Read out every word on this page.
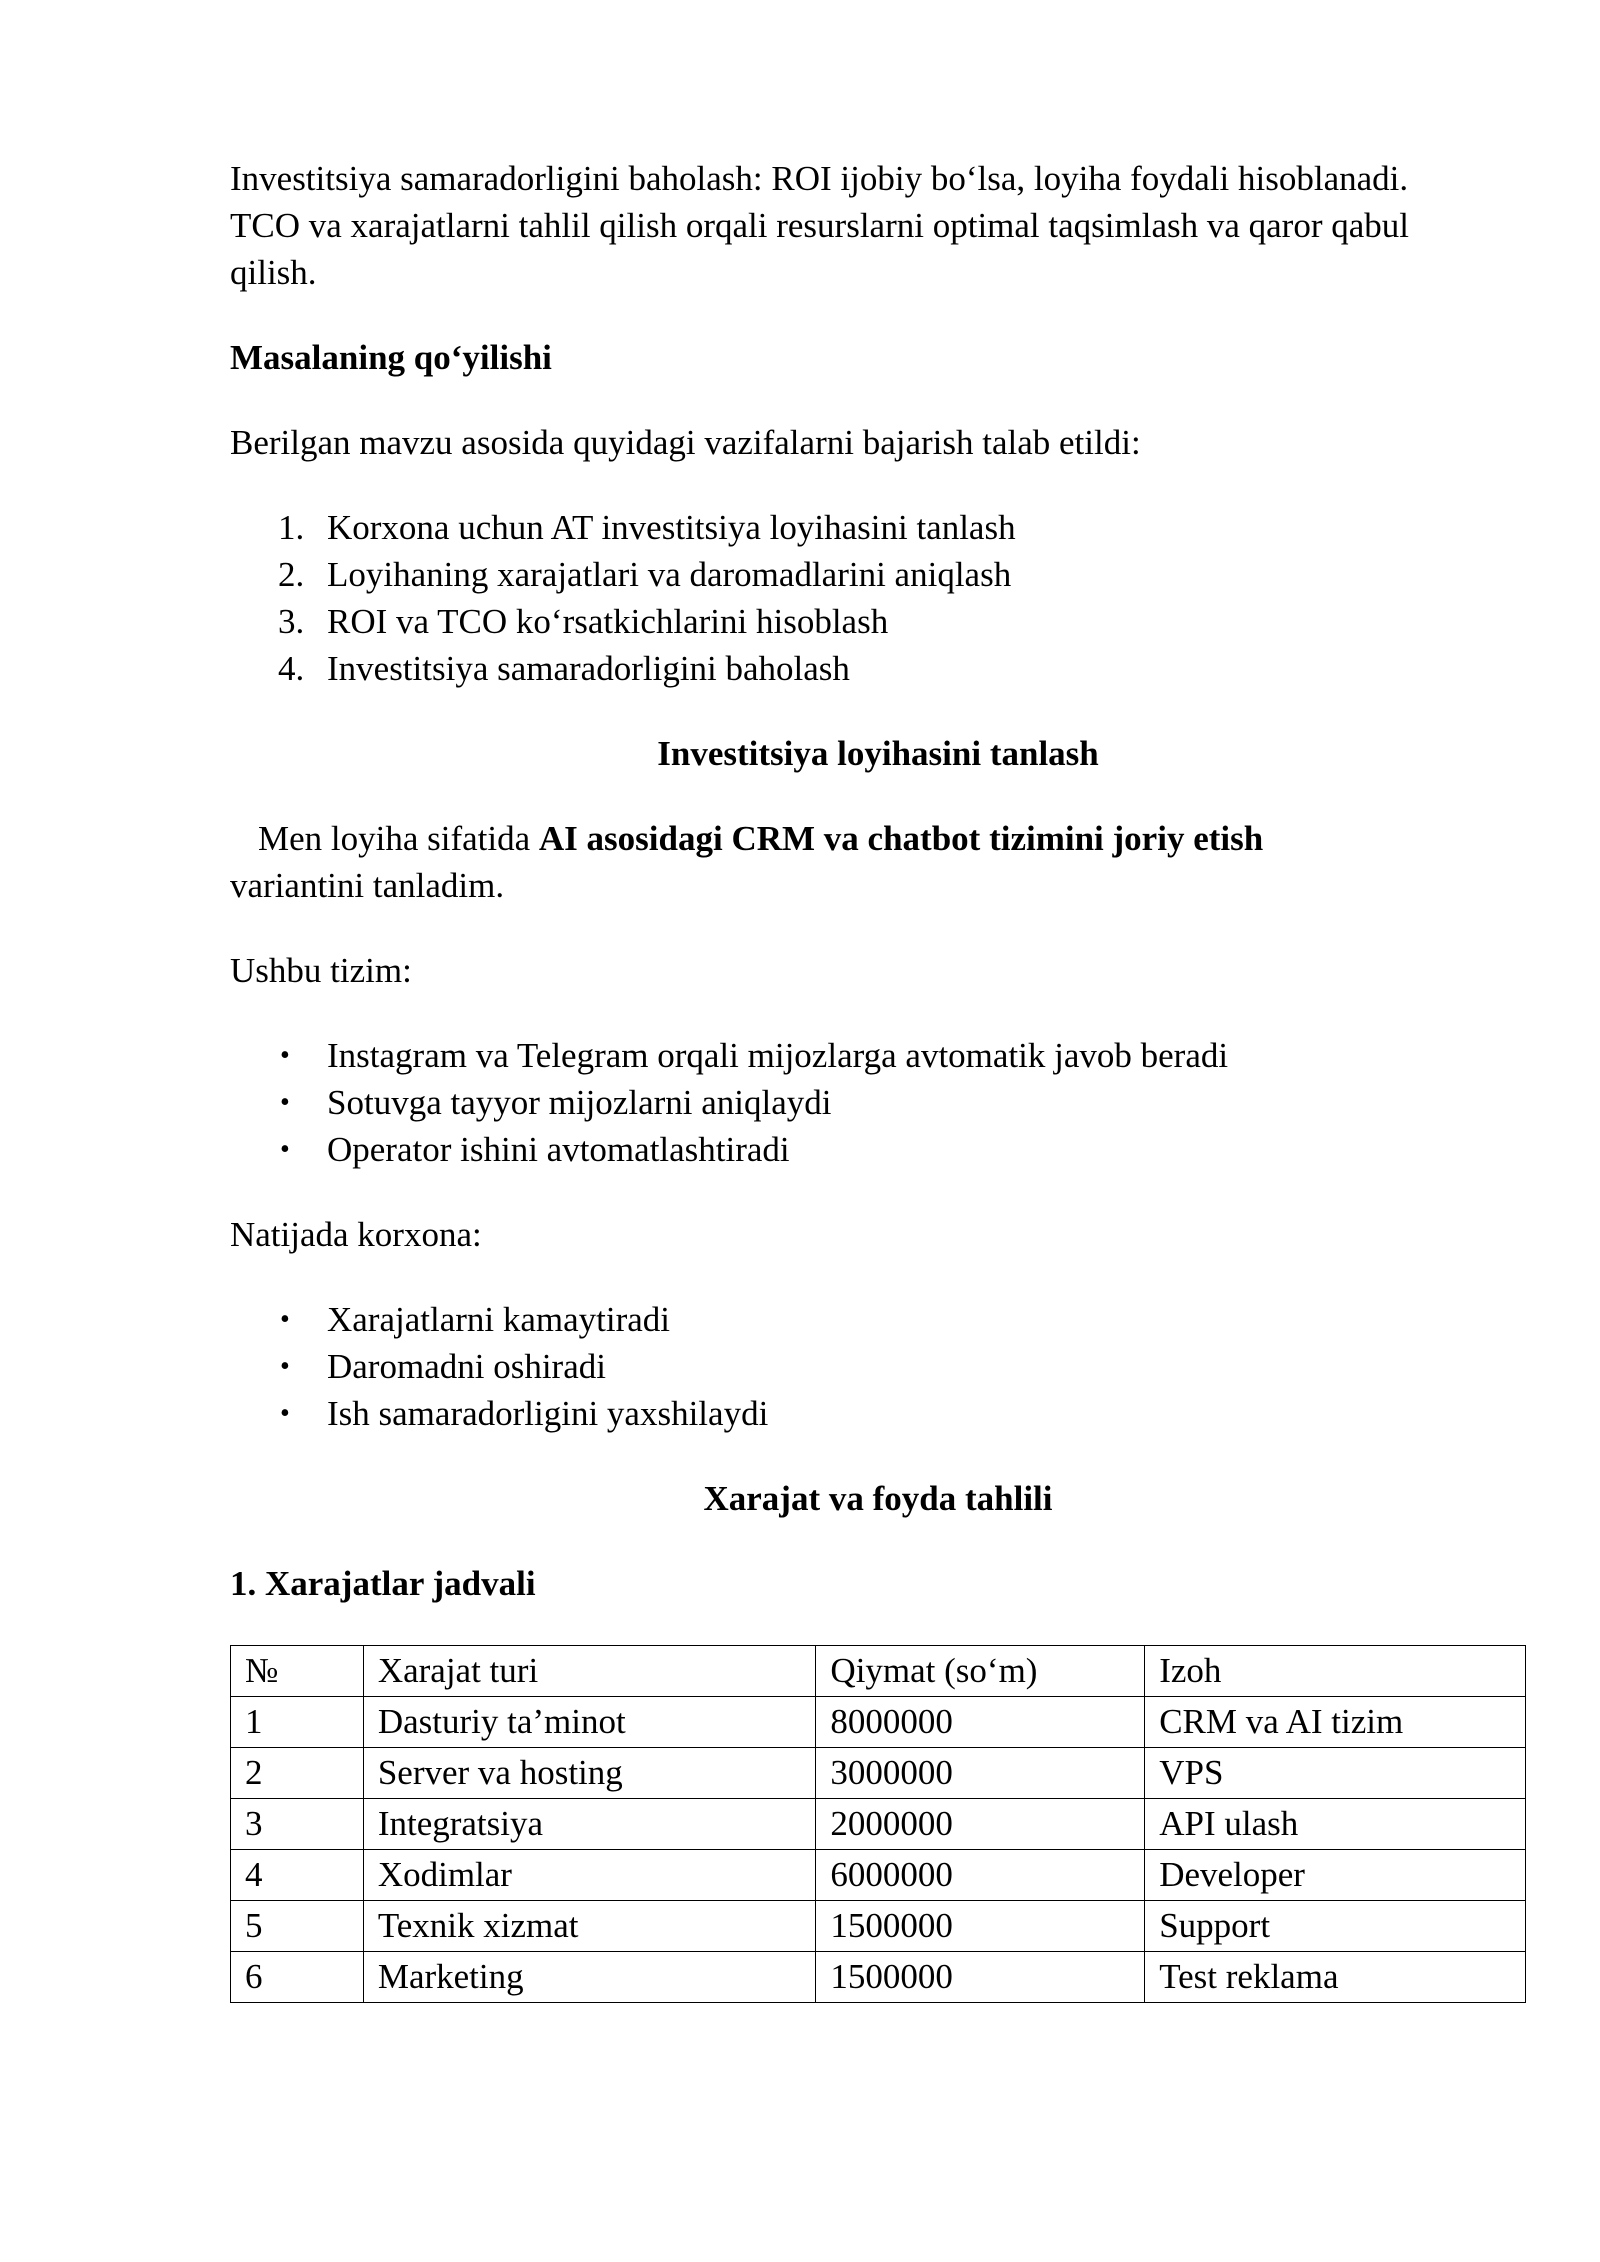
Investitsiya samaradorligini baholash: ROI ijobiy bo‘lsa, loyiha foydali hisoblanadi.
TCO va xarajatlarni tahlil qilish orqali resurslarni optimal taqsimlash va qaror qabul
qilish.

Masalaning qo‘yilishi

Berilgan mavzu asosida quyidagi vazifalarni bajarish talab etildi:

1. Korxona uchun AT investitsiya loyihasini tanlash
2. Loyihaning xarajatlari va daromadlarini aniqlash
3. ROI va TCO ko‘rsatkichlarini hisoblash
4. Investitsiya samaradorligini baholash

Investitsiya loyihasini tanlash

Men loyiha sifatida AI asosidagi CRM va chatbot tizimini joriy etish
variantini tanladim.

Ushbu tizim:

• Instagram va Telegram orqali mijozlarga avtomatik javob beradi
• Sotuvga tayyor mijozlarni aniqlaydi
• Operator ishini avtomatlashtiradi

Natijada korxona:

• Xarajatlarni kamaytiradi
• Daromadni oshiradi
• Ish samaradorligini yaxshilaydi

Xarajat va foyda tahlili

1. Xarajatlar jadvali

№	Xarajat turi	Qiymat (so‘m)	Izoh
1	Dasturiy ta’minot	8000000	CRM va AI tizim
2	Server va hosting	3000000	VPS
3	Integratsiya	2000000	API ulash
4	Xodimlar	6000000	Developer
5	Texnik xizmat	1500000	Support
6	Marketing	1500000	Test reklama
